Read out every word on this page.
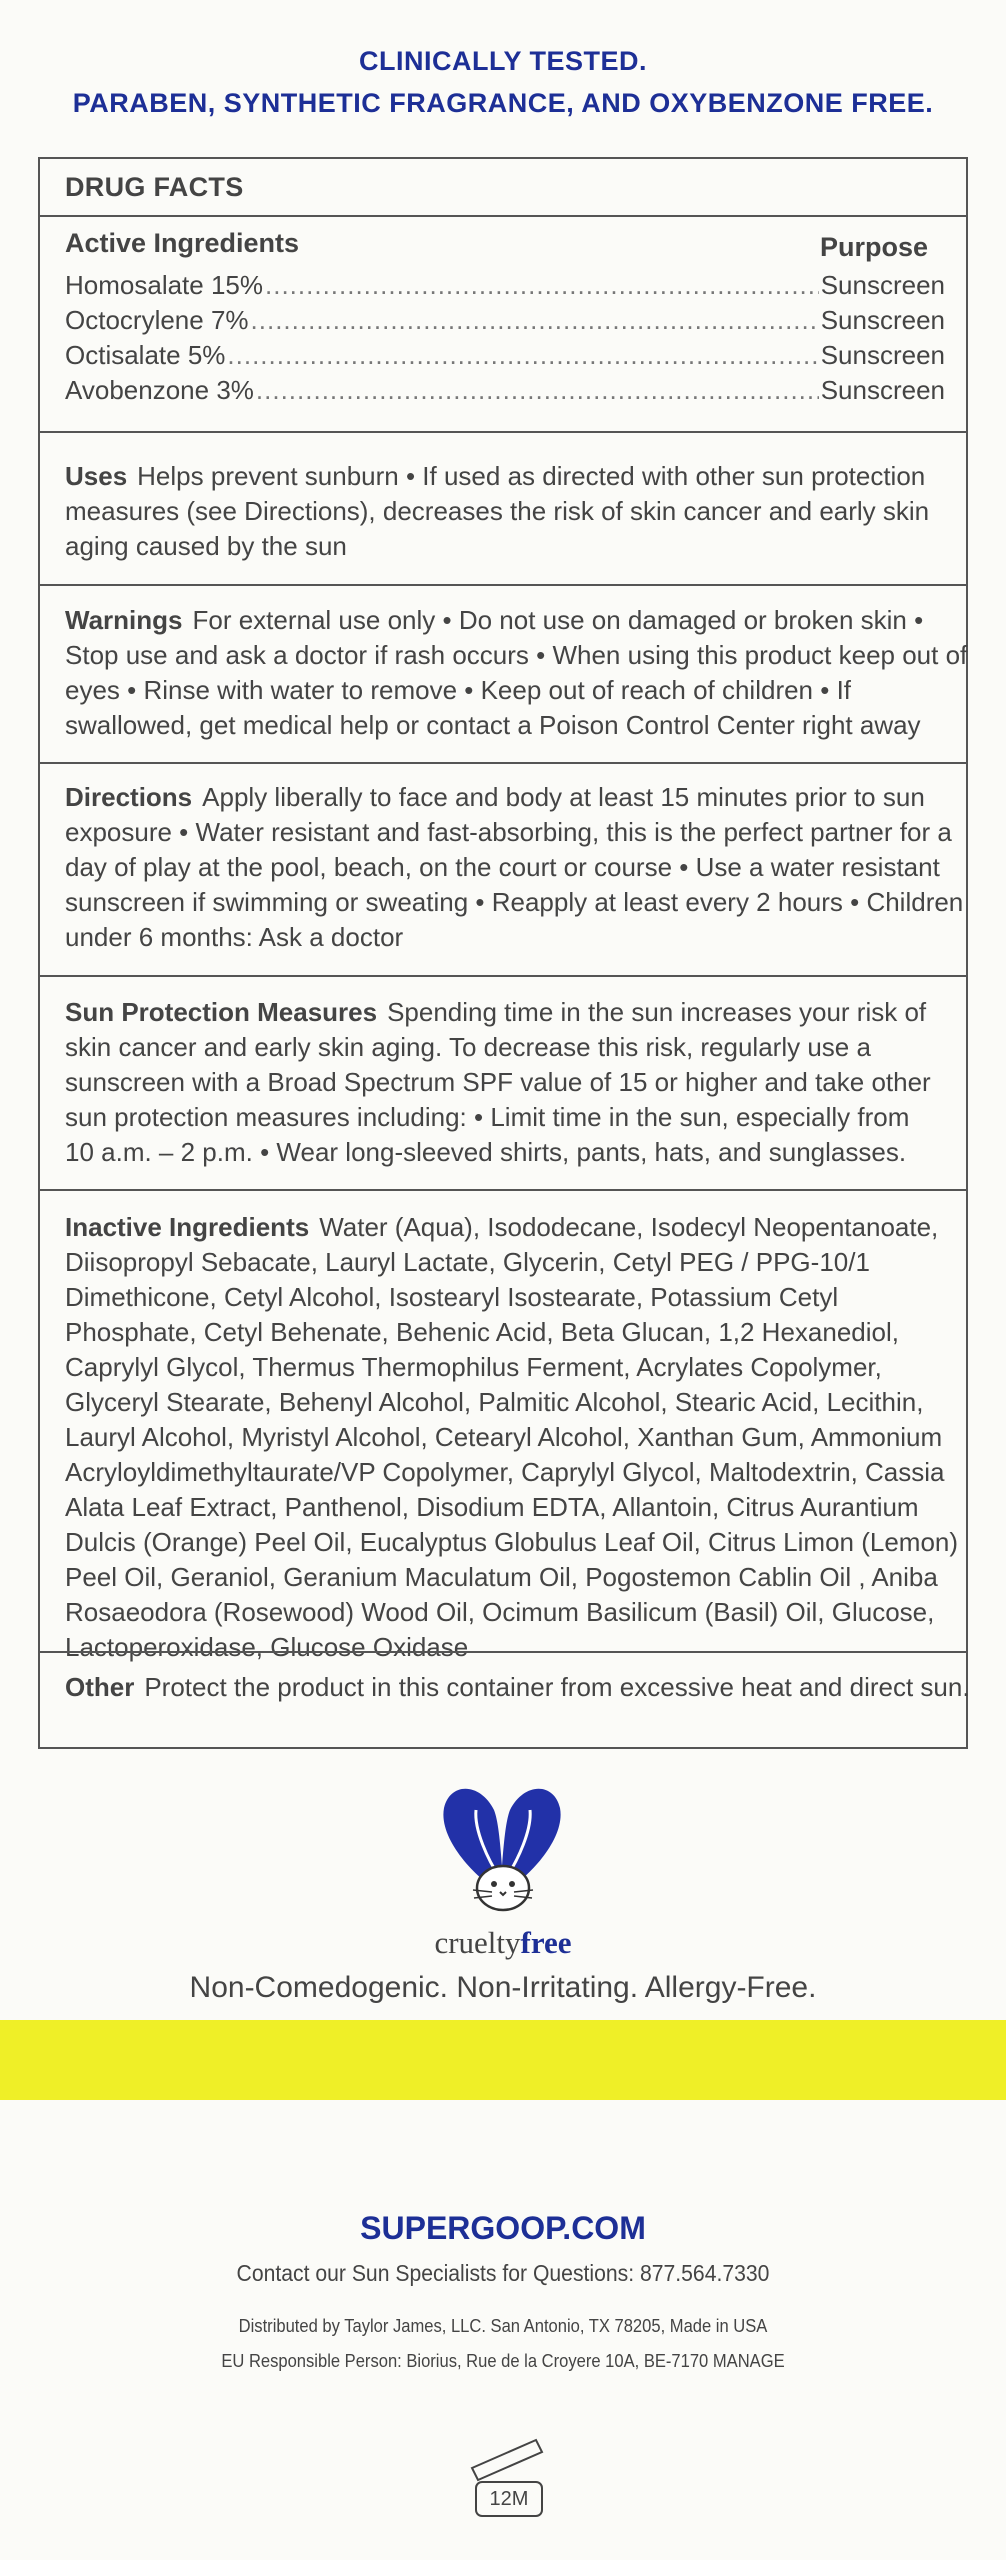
CLINICALLY TESTED.
PARABEN, SYNTHETIC FRAGRANCE, AND OXYBENZONE FREE.
DRUG FACTS
Active Ingredients	Purpose
Homosalate 15% .....	Sunscreen
Octocrylene 7% .....	Sunscreen
Octisalate 5% .....	Sunscreen
Avobenzone 3% .....	Sunscreen
Uses Helps prevent sunburn • If used as directed with other sun protection
measures (see Directions), decreases the risk of skin cancer and early skin
aging caused by the sun
Warnings For external use only • Do not use on damaged or broken skin •
Stop use and ask a doctor if rash occurs • When using this product keep out of
eyes • Rinse with water to remove • Keep out of reach of children • If
swallowed, get medical help or contact a Poison Control Center right away
Directions Apply liberally to face and body at least 15 minutes prior to sun
exposure • Water resistant and fast-absorbing, this is the perfect partner for a
day of play at the pool, beach, on the court or course • Use a water resistant
sunscreen if swimming or sweating • Reapply at least every 2 hours • Children
under 6 months: Ask a doctor
Sun Protection Measures Spending time in the sun increases your risk of
skin cancer and early skin aging. To decrease this risk, regularly use a
sunscreen with a Broad Spectrum SPF value of 15 or higher and take other
sun protection measures including: • Limit time in the sun, especially from
10 a.m. – 2 p.m. • Wear long-sleeved shirts, pants, hats, and sunglasses.
Inactive Ingredients Water (Aqua), Isododecane, Isodecyl Neopentanoate,
Diisopropyl Sebacate, Lauryl Lactate, Glycerin, Cetyl PEG / PPG-10/1
Dimethicone, Cetyl Alcohol, Isostearyl Isostearate, Potassium Cetyl
Phosphate, Cetyl Behenate, Behenic Acid, Beta Glucan, 1,2 Hexanediol,
Caprylyl Glycol, Thermus Thermophilus Ferment, Acrylates Copolymer,
Glyceryl Stearate, Behenyl Alcohol, Palmitic Alcohol, Stearic Acid, Lecithin,
Lauryl Alcohol, Myristyl Alcohol, Cetearyl Alcohol, Xanthan Gum, Ammonium
Acryloyldimethyltaurate/VP Copolymer, Caprylyl Glycol, Maltodextrin, Cassia
Alata Leaf Extract, Panthenol, Disodium EDTA, Allantoin, Citrus Aurantium
Dulcis (Orange) Peel Oil, Eucalyptus Globulus Leaf Oil, Citrus Limon (Lemon)
Peel Oil, Geraniol, Geranium Maculatum Oil, Pogostemon Cablin Oil , Aniba
Rosaeodora (Rosewood) Wood Oil, Ocimum Basilicum (Basil) Oil, Glucose,
Lactoperoxidase, Glucose Oxidase
Other Protect the product in this container from excessive heat and direct sun.
crueltyfree
Non-Comedogenic. Non-Irritating. Allergy-Free.
SUPERGOOP.COM
Contact our Sun Specialists for Questions: 877.564.7330
Distributed by Taylor James, LLC. San Antonio, TX 78205, Made in USA
EU Responsible Person: Biorius, Rue de la Croyere 10A, BE-7170 MANAGE
12M
